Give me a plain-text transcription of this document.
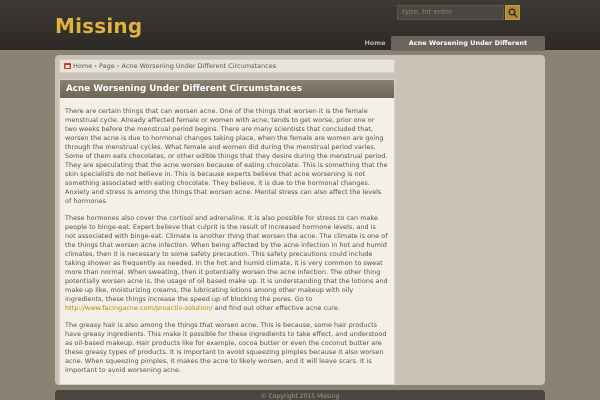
Missing
type, hit enter
Home	Acne Worsening Under Different
Home › Page › Acne Worsening Under Different Circumstances
Acne Worsening Under Different Circumstances

There are certain things that can worsen acne. One of the things that worsen it is the female menstrual cycle. Already affected female or women with acne, tends to get worse, prior one or two weeks before the menstrual period begins. There are many scientists that concluded that, worsen the acne is due to hormonal changes taking place, when the female are women are going through the menstrual cycles. What female and women did during the menstrual period varies. Some of them eats chocolates, or other edible things that they desire during the menstrual period. They are speculating that the acne worsen because of eating chocolate. This is something that the skin specialists do not believe in. This is because experts believe that acne worsening is not something associated with eating chocolate. They believe, it is due to the hormonal changes. Anxiety and stress is among the things that worsen acne. Mental stress can also affect the levels of hormones.

These hormones also cover the cortisol and adrenaline. It is also possible for stress to can make people to binge-eat. Expert believe that culprit is the result of increased hormone levels, and is not associated with binge-eat. Climate is another thing that worsen the acne. The climate is one of the things that worsen acne infection. When being affected by the acne infection in hot and humid climates, then it is necessary to some safety precaution. This safety precautions could include taking shower as frequently as needed. In the hot and humid climate, it is very common to sweat more than normal. When sweating, then it potentially worsen the acne infection. The other thing potentially worsen acne is, the usage of oil based make up. It is understanding that the lotions and make up like, moisturizing creams, the lubricating lotions among other makeup with oily ingredients, these things increase the speed up of blocking the pores. Go to http://www.facingacne.com/proactiv-solution/ and find out other effective acne cure.

The greasy hair is also among the things that worsen acne. This is because, some hair products have greasy ingredients. This make it possible for these ingredients to take effect, and understood as oil-based makeup. Hair products like for example, cocoa butter or even the coconut butter are these greasy types of products. It is important to avoid squeezing pimples because it also worsen acne. When squeezing pimples, it makes the acne to likely worsen, and it will leave scars. It is important to avoid worsening acne.

© Copyright 2015 Missing
